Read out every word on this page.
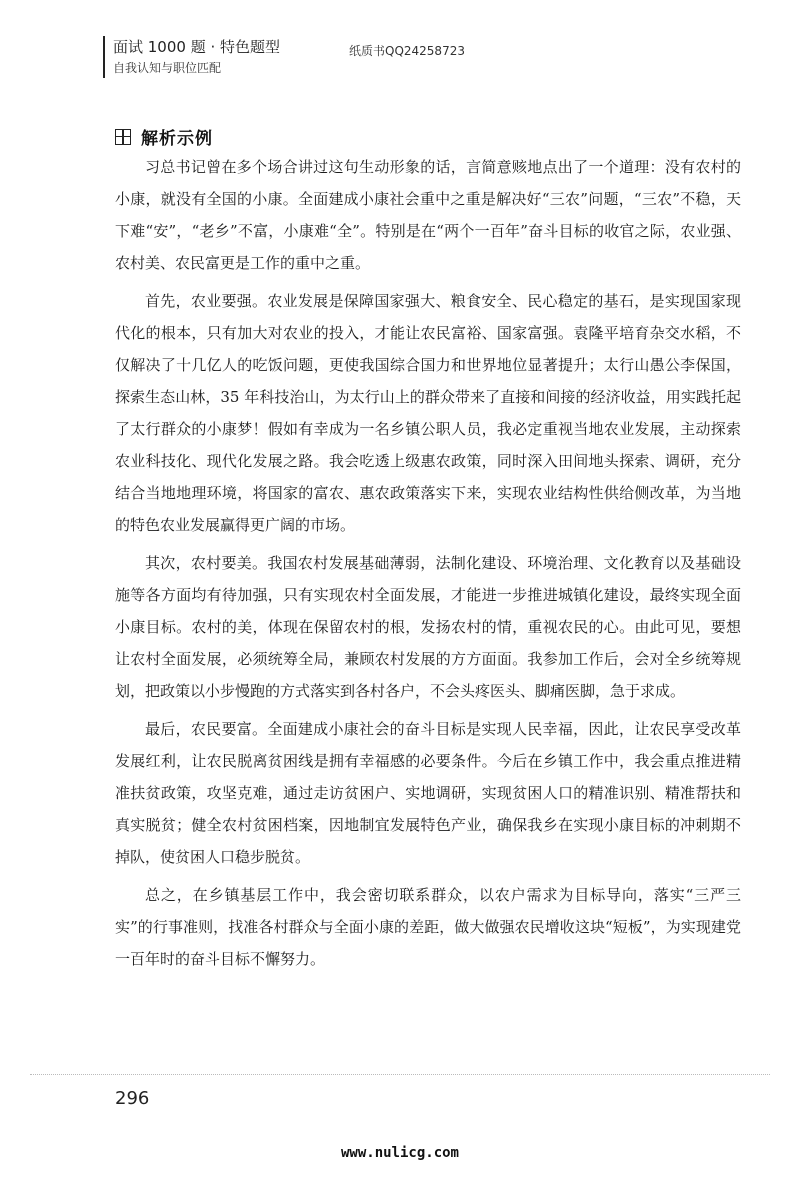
面试 1000 题 · 特色题型
自我认知与职位匹配
纸质书QQ24258723
解析示例

习总书记曾在多个场合讲过这句生动形象的话，言简意赅地点出了一个道理：没有农村的小康，就没有全国的小康。全面建成小康社会重中之重是解决好“三农”问题，“三农”不稳，天下难“安”，“老乡”不富，小康难“全”。特别是在“两个一百年”奋斗目标的收官之际，农业强、农村美、农民富更是工作的重中之重。

首先，农业要强。农业发展是保障国家强大、粮食安全、民心稳定的基石，是实现国家现代化的根本，只有加大对农业的投入，才能让农民富裕、国家富强。袁隆平培育杂交水稻，不仅解决了十几亿人的吃饭问题，更使我国综合国力和世界地位显著提升；太行山愚公李保国，探索生态山林，35 年科技治山，为太行山上的群众带来了直接和间接的经济收益，用实践托起了太行群众的小康梦！假如有幸成为一名乡镇公职人员，我必定重视当地农业发展，主动探索农业科技化、现代化发展之路。我会吃透上级惠农政策，同时深入田间地头探索、调研，充分结合当地地理环境，将国家的富农、惠农政策落实下来，实现农业结构性供给侧改革，为当地的特色农业发展赢得更广阔的市场。

其次，农村要美。我国农村发展基础薄弱，法制化建设、环境治理、文化教育以及基础设施等各方面均有待加强，只有实现农村全面发展，才能进一步推进城镇化建设，最终实现全面小康目标。农村的美，体现在保留农村的根，发扬农村的情，重视农民的心。由此可见，要想让农村全面发展，必须统筹全局，兼顾农村发展的方方面面。我参加工作后，会对全乡统筹规划，把政策以小步慢跑的方式落实到各村各户，不会头疼医头、脚痛医脚，急于求成。

最后，农民要富。全面建成小康社会的奋斗目标是实现人民幸福，因此，让农民享受改革发展红利，让农民脱离贫困线是拥有幸福感的必要条件。今后在乡镇工作中，我会重点推进精准扶贫政策，攻坚克难，通过走访贫困户、实地调研，实现贫困人口的精准识别、精准帮扶和真实脱贫；健全农村贫困档案，因地制宜发展特色产业，确保我乡在实现小康目标的冲刺期不掉队，使贫困人口稳步脱贫。

总之，在乡镇基层工作中，我会密切联系群众，以农户需求为目标导向，落实“三严三实”的行事准则，找准各村群众与全面小康的差距，做大做强农民增收这块“短板”，为实现建党一百年时的奋斗目标不懈努力。

296
www.nulicg.com
